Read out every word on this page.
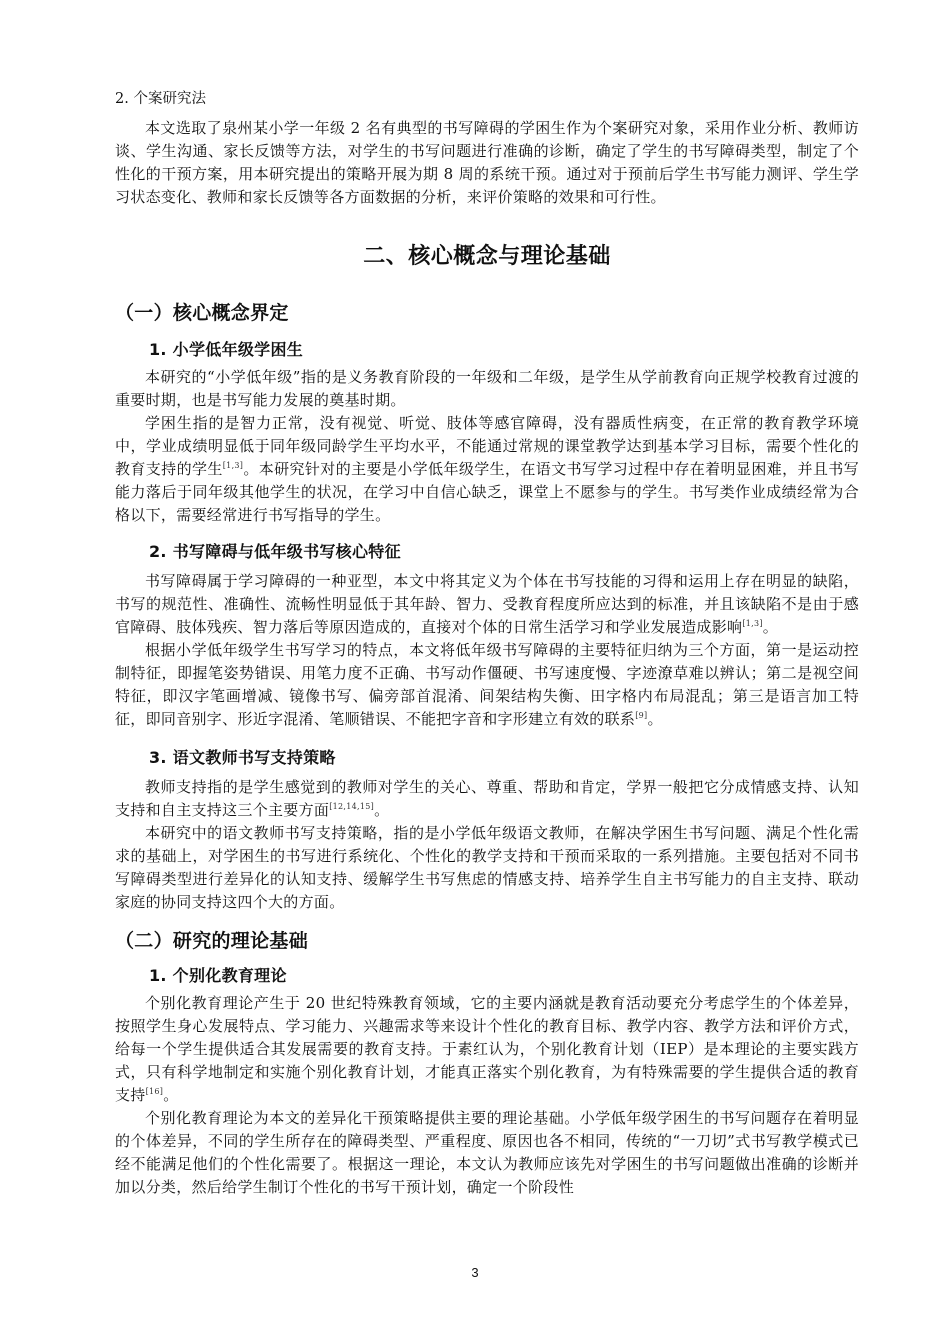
2. 个案研究法

本文选取了泉州某小学一年级 2 名有典型的书写障碍的学困生作为个案研究对象，采用作业分析、教师访谈、学生沟通、家长反馈等方法，对学生的书写问题进行准确的诊断，确定了学生的书写障碍类型，制定了个性化的干预方案，用本研究提出的策略开展为期 8 周的系统干预。通过对于预前后学生书写能力测评、学生学习状态变化、教师和家长反馈等各方面数据的分析，来评价策略的效果和可行性。

二、核心概念与理论基础
（一）核心概念界定
1. 小学低年级学困生

本研究的“小学低年级”指的是义务教育阶段的一年级和二年级，是学生从学前教育向正规学校教育过渡的重要时期，也是书写能力发展的奠基时期。

学困生指的是智力正常，没有视觉、听觉、肢体等感官障碍，没有器质性病变，在正常的教育教学环境中，学业成绩明显低于同年级同龄学生平均水平，不能通过常规的课堂教学达到基本学习目标，需要个性化的教育支持的学生[1,3]。本研究针对的主要是小学低年级学生，在语文书写学习过程中存在着明显困难，并且书写能力落后于同年级其他学生的状况，在学习中自信心缺乏，课堂上不愿参与的学生。书写类作业成绩经常为合格以下，需要经常进行书写指导的学生。

2. 书写障碍与低年级书写核心特征

书写障碍属于学习障碍的一种亚型，本文中将其定义为个体在书写技能的习得和运用上存在明显的缺陷，书写的规范性、准确性、流畅性明显低于其年龄、智力、受教育程度所应达到的标准，并且该缺陷不是由于感官障碍、肢体残疾、智力落后等原因造成的，直接对个体的日常生活学习和学业发展造成影响[1,3]。

根据小学低年级学生书写学习的特点，本文将低年级书写障碍的主要特征归纳为三个方面，第一是运动控制特征，即握笔姿势错误、用笔力度不正确、书写动作僵硬、书写速度慢、字迹潦草难以辨认；第二是视空间特征，即汉字笔画增减、镜像书写、偏旁部首混淆、间架结构失衡、田字格内布局混乱；第三是语言加工特征，即同音别字、形近字混淆、笔顺错误、不能把字音和字形建立有效的联系[9]。

3. 语文教师书写支持策略

教师支持指的是学生感觉到的教师对学生的关心、尊重、帮助和肯定，学界一般把它分成情感支持、认知支持和自主支持这三个主要方面[12,14,15]。

本研究中的语文教师书写支持策略，指的是小学低年级语文教师，在解决学困生书写问题、满足个性化需求的基础上，对学困生的书写进行系统化、个性化的教学支持和干预而采取的一系列措施。主要包括对不同书写障碍类型进行差异化的认知支持、缓解学生书写焦虑的情感支持、培养学生自主书写能力的自主支持、联动家庭的协同支持这四个大的方面。

（二）研究的理论基础
1. 个别化教育理论

个别化教育理论产生于 20 世纪特殊教育领域，它的主要内涵就是教育活动要充分考虑学生的个体差异，按照学生身心发展特点、学习能力、兴趣需求等来设计个性化的教育目标、教学内容、教学方法和评价方式，给每一个学生提供适合其发展需要的教育支持。于素红认为，个别化教育计划（IEP）是本理论的主要实践方式，只有科学地制定和实施个别化教育计划，才能真正落实个别化教育，为有特殊需要的学生提供合适的教育支持[16]。

个别化教育理论为本文的差异化干预策略提供主要的理论基础。小学低年级学困生的书写问题存在着明显的个体差异，不同的学生所存在的障碍类型、严重程度、原因也各不相同，传统的“一刀切”式书写教学模式已经不能满足他们的个性化需要了。根据这一理论，本文认为教师应该先对学困生的书写问题做出准确的诊断并加以分类，然后给学生制订个性化的书写干预计划，确定一个阶段性

3
